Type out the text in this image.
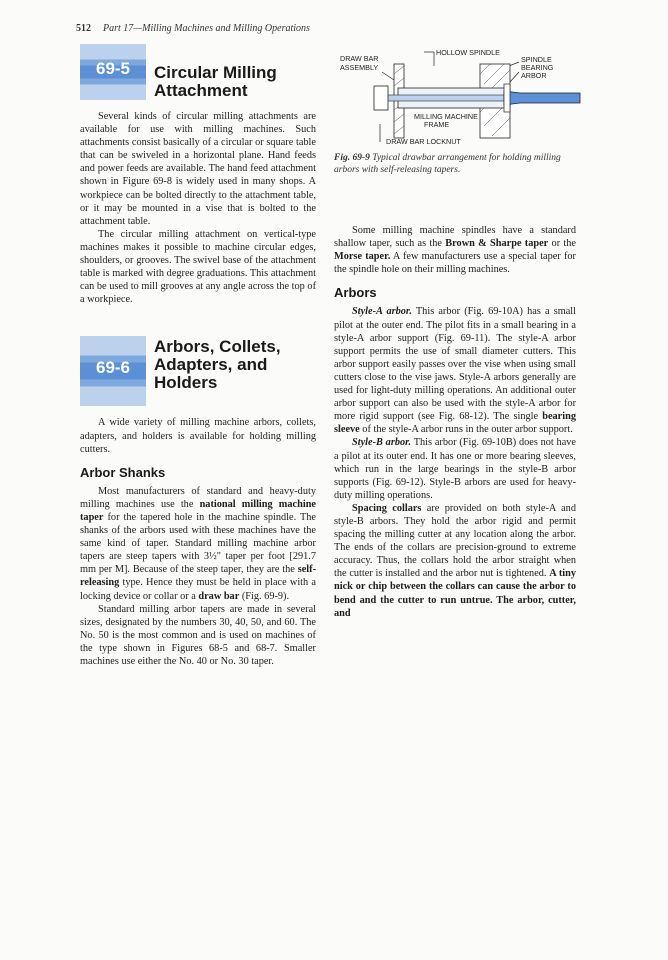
512 Part 17—Milling Machines and Milling Operations
69-5	Circular Milling
Attachment

Several kinds of circular milling attachments are available for use with milling machines. Such attachments consist basically of a circular or square table that can be swiveled in a horizontal plane. Hand feeds and power feeds are available. The hand feed attachment shown in Figure 69-8 is widely used in many shops. A workpiece can be bolted directly to the attachment table, or it may be mounted in a vise that is bolted to the attachment table.

The circular milling attachment on vertical-type machines makes it possible to machine circular edges, shoulders, or grooves. The swivel base of the attachment table is marked with degree graduations. This attachment can be used to mill grooves at any angle across the top of a workpiece.

69-6
Arbors, Collets,
Adapters, and
Holders

A wide variety of milling machine arbors, collets, adapters, and holders is available for holding milling cutters.

Arbor Shanks

Most manufacturers of standard and heavy-duty milling machines use the national milling machine taper for the tapered hole in the machine spindle. The shanks of the arbors used with these machines have the same kind of taper. Standard milling machine arbor tapers are steep tapers with 3½" taper per foot [291.7 mm per M]. Because of the steep taper, they are the self-releasing type. Hence they must be held in place with a locking device or collar or a draw bar (Fig. 69-9).

Standard milling arbor tapers are made in several sizes, designated by the numbers 30, 40, 50, and 60. The No. 50 is the most common and is used on machines of the type shown in Figures 68-5 and 68-7. Smaller machines use either the No. 40 or No. 30 taper.

HOLLOW SPINDLE
DRAW BAR
ASSEMBLY
SPINDLE
BEARING
ARBOR
MILLING MACHINE
FRAME
DRAW BAR LOCKNUT
Fig. 69-9 Typical drawbar arrangement for holding milling arbors with self-releasing tapers.

Some milling machine spindles have a standard shallow taper, such as the Brown & Sharpe taper or the Morse taper. A few manufacturers use a special taper for the spindle hole on their milling machines.

Arbors

Style-A arbor. This arbor (Fig. 69-10A) has a small pilot at the outer end. The pilot fits in a small bearing in a style-A arbor support (Fig. 69-11). The style-A arbor support permits the use of small diameter cutters. This arbor support easily passes over the vise when using small cutters close to the vise jaws. Style-A arbors generally are used for light-duty milling operations. An additional outer arbor support can also be used with the style-A arbor for more rigid support (see Fig. 68-12). The single bearing sleeve of the style-A arbor runs in the outer arbor support.

Style-B arbor. This arbor (Fig. 69-10B) does not have a pilot at its outer end. It has one or more bearing sleeves, which run in the large bearings in the style-B arbor supports (Fig. 69-12). Style-B arbors are used for heavy-duty milling operations.

Spacing collars are provided on both style-A and style-B arbors. They hold the arbor rigid and permit spacing the milling cutter at any location along the arbor. The ends of the collars are precision-ground to extreme accuracy. Thus, the collars hold the arbor straight when the cutter is installed and the arbor nut is tightened. A tiny nick or chip between the collars can cause the arbor to bend and the cutter to run untrue. The arbor, cutter, and
